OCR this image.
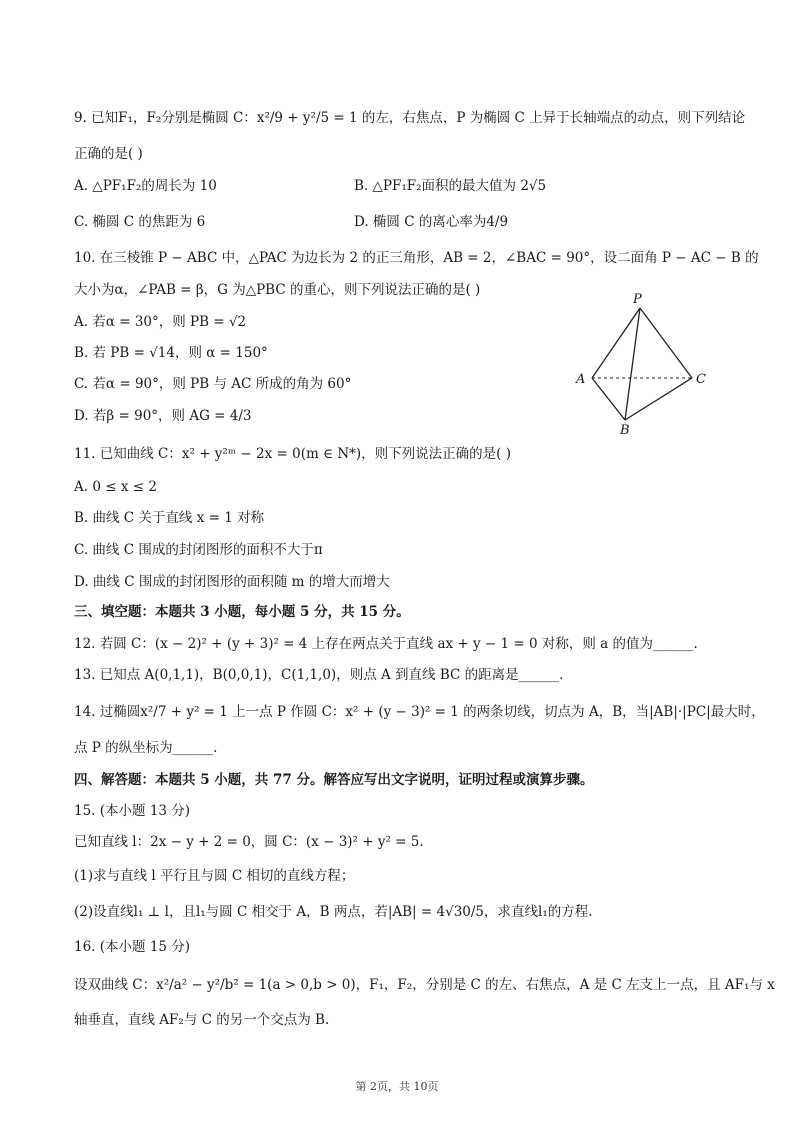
9. 已知F₁，F₂分别是椭圆 C：x²/9 + y²/5 = 1 的左，右焦点，P 为椭圆 C 上异于长轴端点的动点，则下列结论
正确的是( )
A. △PF₁F₂的周长为 10	B. △PF₁F₂面积的最大值为 2√5
C. 椭圆 C 的焦距为 6	D. 椭圆 C 的离心率为4/9
10. 在三棱锥 P − ABC 中，△PAC 为边长为 2 的正三角形，AB = 2，∠BAC = 90°，设二面角 P − AC − B 的
大小为α，∠PAB = β，G 为△PBC 的重心，则下列说法正确的是( )
A. 若α = 30°，则 PB = √2
B. 若 PB = √14，则 α = 150°
C. 若α = 90°，则 PB 与 AC 所成的角为 60°
D. 若β = 90°，则 AG = 4/3
P
A	C
B
11. 已知曲线 C：x² + y²ᵐ − 2x = 0(m ∈ N*)，则下列说法正确的是( )
A. 0 ≤ x ≤ 2
B. 曲线 C 关于直线 x = 1 对称
C. 曲线 C 围成的封闭图形的面积不大于π
D. 曲线 C 围成的封闭图形的面积随 m 的增大而增大
三、填空题：本题共 3 小题，每小题 5 分，共 15 分。
12. 若圆 C：(x − 2)² + (y + 3)² = 4 上存在两点关于直线 ax + y − 1 = 0 对称，则 a 的值为______.
13. 已知点 A(0,1,1)，B(0,0,1)，C(1,1,0)，则点 A 到直线 BC 的距离是______.
14. 过椭圆x²/7 + y² = 1 上一点 P 作圆 C：x² + (y − 3)² = 1 的两条切线，切点为 A，B，当|AB|·|PC|最大时，
点 P 的纵坐标为______.
四、解答题：本题共 5 小题，共 77 分。解答应写出文字说明，证明过程或演算步骤。
15. (本小题 13 分)
已知直线 l：2x − y + 2 = 0，圆 C：(x − 3)² + y² = 5.
(1)求与直线 l 平行且与圆 C 相切的直线方程；
(2)设直线l₁ ⊥ l，且l₁与圆 C 相交于 A，B 两点，若|AB| = 4√30/5，求直线l₁的方程.
16. (本小题 15 分)
设双曲线 C：x²/a² − y²/b² = 1(a > 0,b > 0)，F₁，F₂，分别是 C 的左、右焦点，A 是 C 左支上一点，且 AF₁与 x
轴垂直，直线 AF₂与 C 的另一个交点为 B.
第 2页，共 10页
